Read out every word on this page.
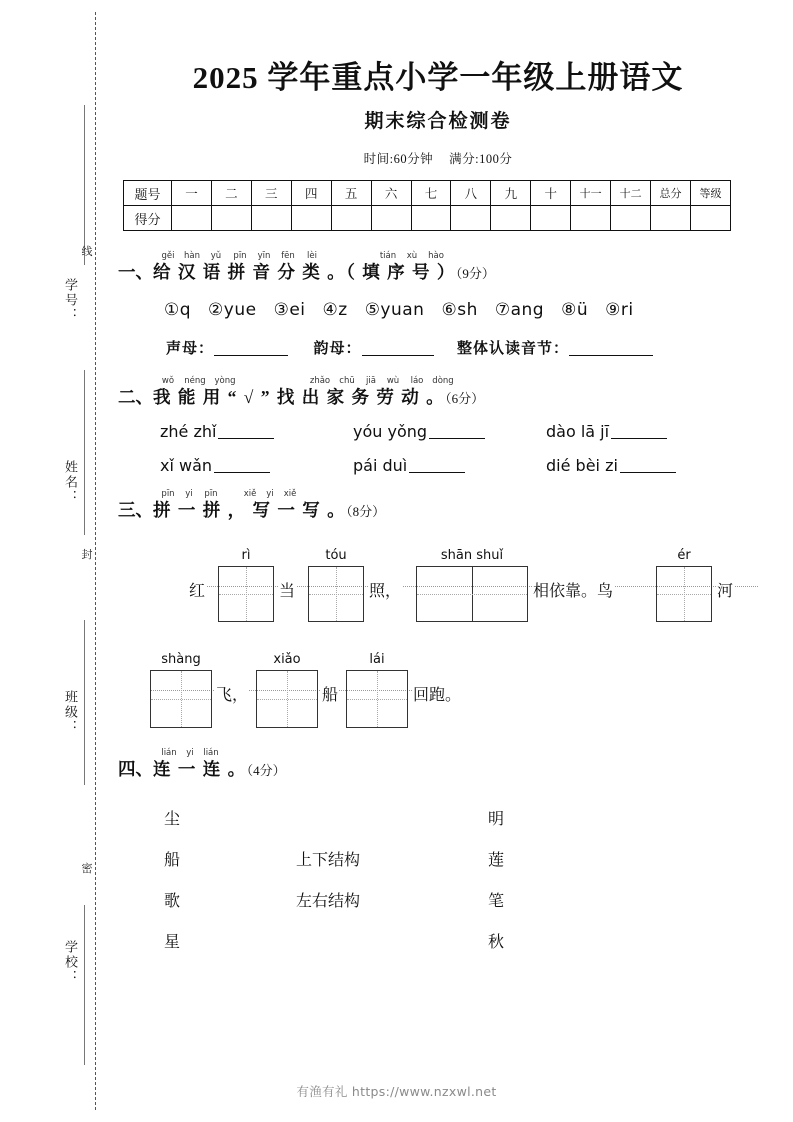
线
封
密
学号：
姓名：
班级：
学校：
2025 学年重点小学一年级上册语文
期末综合检测卷
时间:60分钟 满分:100分
题号	一	二	三	四	五	六	七	八	九	十	十一	十二	总分	等级
得分														
gěi hàn yǔ pīn yīn fēn lèi	tián xù hào
一、给 汉 语 拼 音 分 类 。（ 填 序 号 ）（9分）
①q ②yue ③ei ④z ⑤yuan ⑥sh ⑦ang ⑧ü ⑨ri
声母：	韵母：	整体认读音节：
wǒ néng yòng	zhǎo chū jiā wù láo dòng
二、我 能 用 “ √ ” 找 出 家 务 劳 动 。（6分）
zhé zhǐ	yóu yǒng	dào lā jī
xǐ wǎn	pái duì	dié bèi zi
pīn yi pīn	xiě yi xiě
三、拼 一 拼 ， 写 一 写 。（8分）
红
rì
当
tóu
照，
shān shuǐ
相依靠。鸟
ér
河
shàng
飞，
xiǎo
船
lái
回跑。
lián yi lián
四、连 一 连 。（4分）
尘
船
歌
星
上下结构
左右结构
明
莲
笔
秋
有渔有礼 https://www.nzxwl.net
